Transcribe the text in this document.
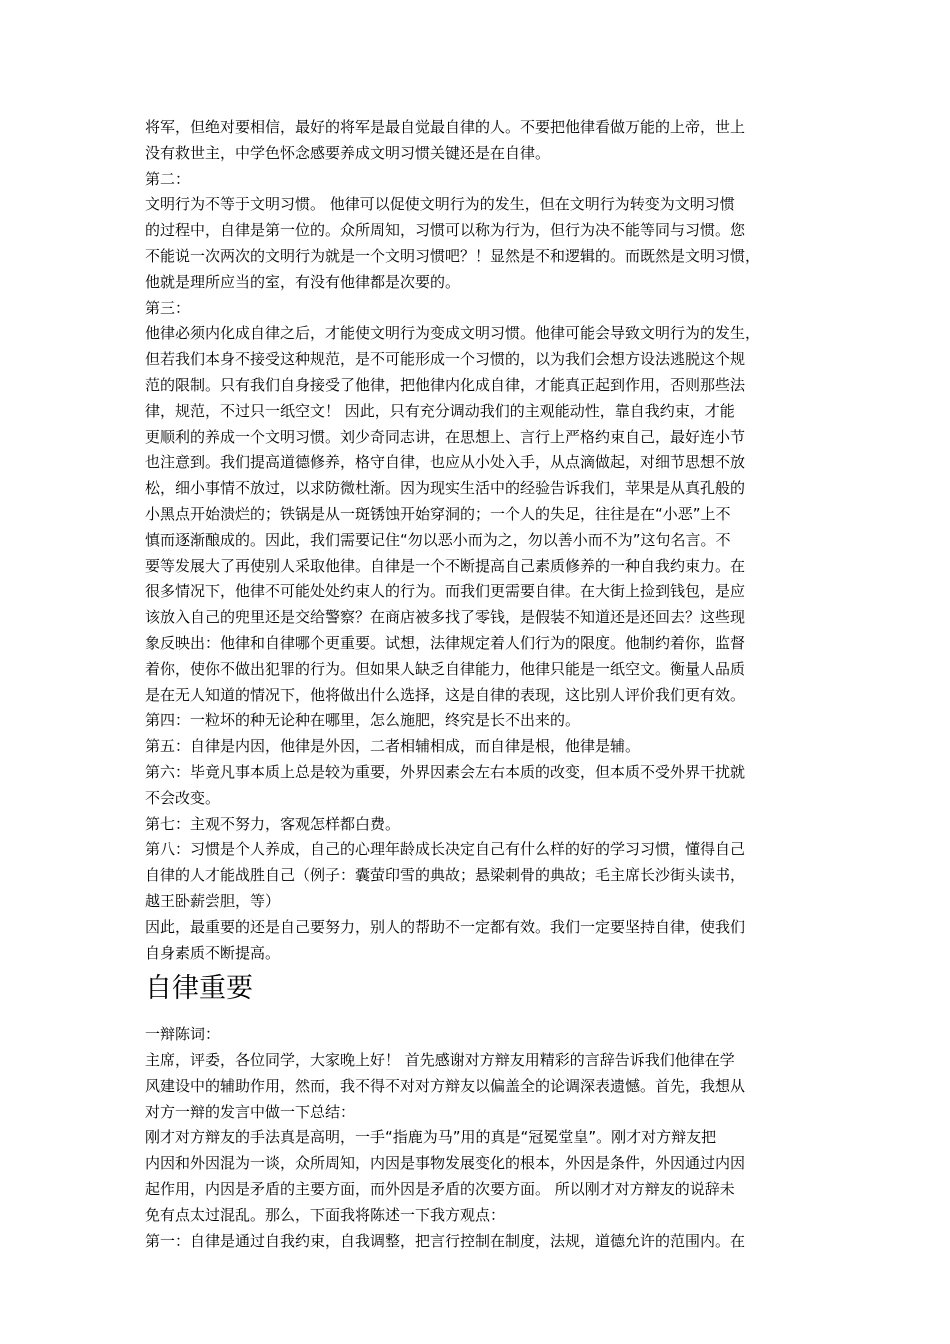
将军，但绝对要相信，最好的将军是最自觉最自律的人。不要把他律看做万能的上帝，世上
没有救世主，中学色怀念感要养成文明习惯关键还是在自律。
第二：
文明行为不等于文明习惯。 他律可以促使文明行为的发生，但在文明行为转变为文明习惯
的过程中，自律是第一位的。众所周知，习惯可以称为行为，但行为决不能等同与习惯。您
不能说一次两次的文明行为就是一个文明习惯吧？！显然是不和逻辑的。而既然是文明习惯，
他就是理所应当的室，有没有他律都是次要的。
第三：
他律必须内化成自律之后，才能使文明行为变成文明习惯。他律可能会导致文明行为的发生，
但若我们本身不接受这种规范，是不可能形成一个习惯的，以为我们会想方设法逃脱这个规
范的限制。只有我们自身接受了他律，把他律内化成自律，才能真正起到作用，否则那些法
律，规范，不过只一纸空文！ 因此，只有充分调动我们的主观能动性，靠自我约束，才能
更顺利的养成一个文明习惯。刘少奇同志讲，在思想上、言行上严格约束自己，最好连小节
也注意到。我们提高道德修养，格守自律，也应从小处入手，从点滴做起，对细节思想不放
松，细小事情不放过，以求防微杜渐。因为现实生活中的经验告诉我们，苹果是从真孔般的
小黑点开始溃烂的；铁锅是从一斑锈蚀开始穿洞的；一个人的失足，往往是在“小恶”上不
慎而逐渐酿成的。因此，我们需要记住“勿以恶小而为之，勿以善小而不为”这句名言。不
要等发展大了再使别人采取他律。自律是一个不断提高自己素质修养的一种自我约束力。在
很多情况下，他律不可能处处约束人的行为。而我们更需要自律。在大街上捡到钱包，是应
该放入自己的兜里还是交给警察？在商店被多找了零钱，是假装不知道还是还回去？这些现
象反映出：他律和自律哪个更重要。试想，法律规定着人们行为的限度。他制约着你，监督
着你，使你不做出犯罪的行为。但如果人缺乏自律能力，他律只能是一纸空文。衡量人品质
是在无人知道的情况下，他将做出什么选择，这是自律的表现，这比别人评价我们更有效。
第四：一粒坏的种无论种在哪里，怎么施肥，终究是长不出来的。
第五：自律是内因，他律是外因，二者相辅相成，而自律是根，他律是辅。
第六：毕竟凡事本质上总是较为重要，外界因素会左右本质的改变，但本质不受外界干扰就
不会改变。
第七：主观不努力，客观怎样都白费。
第八：习惯是个人养成，自己的心理年龄成长决定自己有什么样的好的学习习惯，懂得自己
自律的人才能战胜自己（例子：囊萤印雪的典故；悬梁刺骨的典故；毛主席长沙街头读书，
越王卧薪尝胆，等）
因此，最重要的还是自己要努力，别人的帮助不一定都有效。我们一定要坚持自律，使我们
自身素质不断提高。
自律重要
一辩陈词：
主席，评委，各位同学，大家晚上好！ 首先感谢对方辩友用精彩的言辞告诉我们他律在学
风建设中的辅助作用，然而，我不得不对对方辩友以偏盖全的论调深表遗憾。首先，我想从
对方一辩的发言中做一下总结：
刚才对方辩友的手法真是高明，一手“指鹿为马”用的真是“冠冕堂皇”。刚才对方辩友把
内因和外因混为一谈，众所周知，内因是事物发展变化的根本，外因是条件，外因通过内因
起作用，内因是矛盾的主要方面，而外因是矛盾的次要方面。 所以刚才对方辩友的说辞未
免有点太过混乱。那么，下面我将陈述一下我方观点：
第一：自律是通过自我约束，自我调整，把言行控制在制度，法规，道德允许的范围内。在
